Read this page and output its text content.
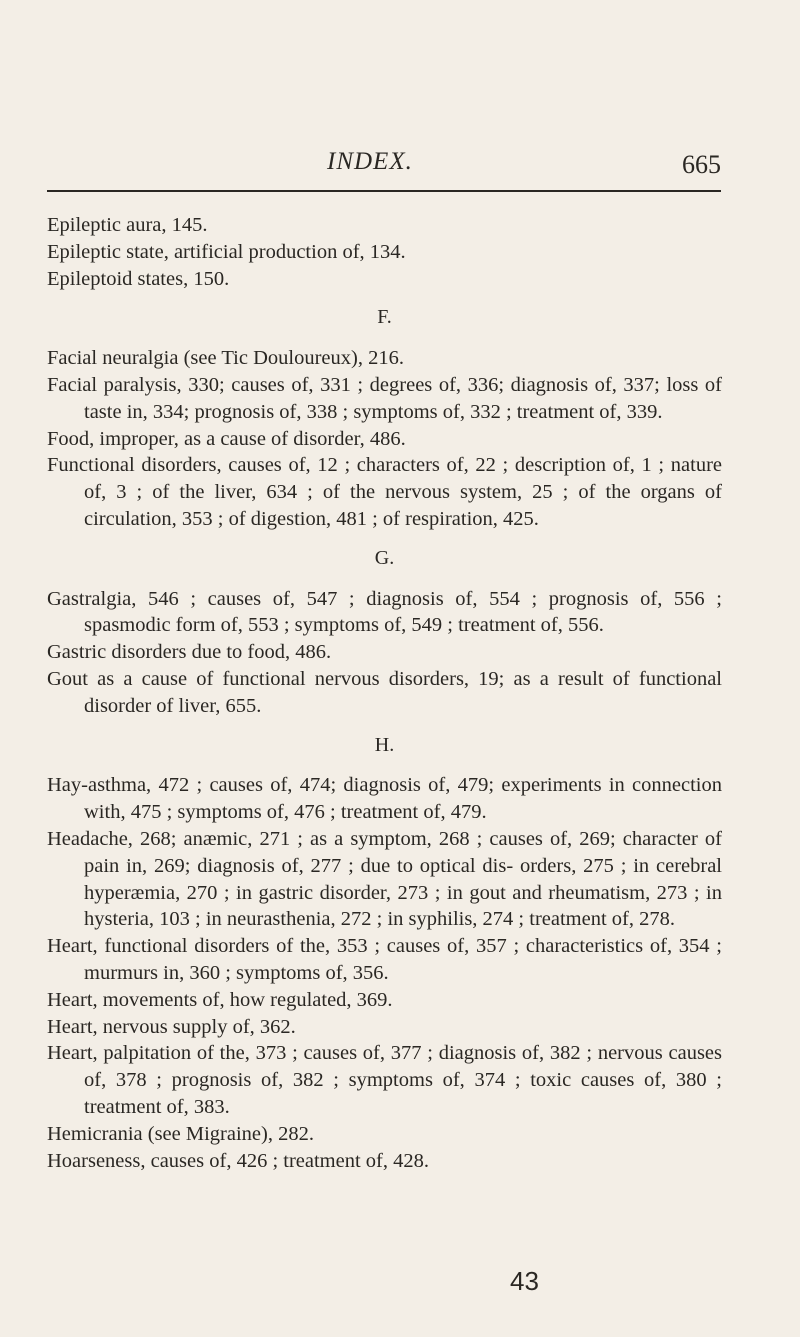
INDEX.	665
Epileptic aura, 145.
Epileptic state, artificial production of, 134.
Epileptoid states, 150.
F.
Facial neuralgia (see Tic Douloureux), 216.
Facial paralysis, 330; causes of, 331 ; degrees of, 336; diagnosis of, 337; loss of taste in, 334; prognosis of, 338 ; symptoms of, 332 ; treatment of, 339.
Food, improper, as a cause of disorder, 486.
Functional disorders, causes of, 12 ; characters of, 22 ; description of, 1 ; nature of, 3 ; of the liver, 634 ; of the nervous system, 25 ; of the organs of circulation, 353 ; of digestion, 481 ; of respiration, 425.
G.
Gastralgia, 546 ; causes of, 547 ; diagnosis of, 554 ; prognosis of, 556 ; spasmodic form of, 553 ; symptoms of, 549 ; treatment of, 556.
Gastric disorders due to food, 486.
Gout as a cause of functional nervous disorders, 19; as a result of functional disorder of liver, 655.
H.
Hay-asthma, 472 ; causes of, 474; diagnosis of, 479; experiments in connection with, 475 ; symptoms of, 476 ; treatment of, 479.
Headache, 268; anæmic, 271 ; as a symptom, 268 ; causes of, 269; character of pain in, 269; diagnosis of, 277 ; due to optical dis- orders, 275 ; in cerebral hyperæmia, 270 ; in gastric disorder, 273 ; in gout and rheumatism, 273 ; in hysteria, 103 ; in neurasthenia, 272 ; in syphilis, 274 ; treatment of, 278.
Heart, functional disorders of the, 353 ; causes of, 357 ; characteristics of, 354 ; murmurs in, 360 ; symptoms of, 356.
Heart, movements of, how regulated, 369.
Heart, nervous supply of, 362.
Heart, palpitation of the, 373 ; causes of, 377 ; diagnosis of, 382 ; nervous causes of, 378 ; prognosis of, 382 ; symptoms of, 374 ; toxic causes of, 380 ; treatment of, 383.
Hemicrania (see Migraine), 282.
Hoarseness, causes of, 426 ; treatment of, 428.
43
